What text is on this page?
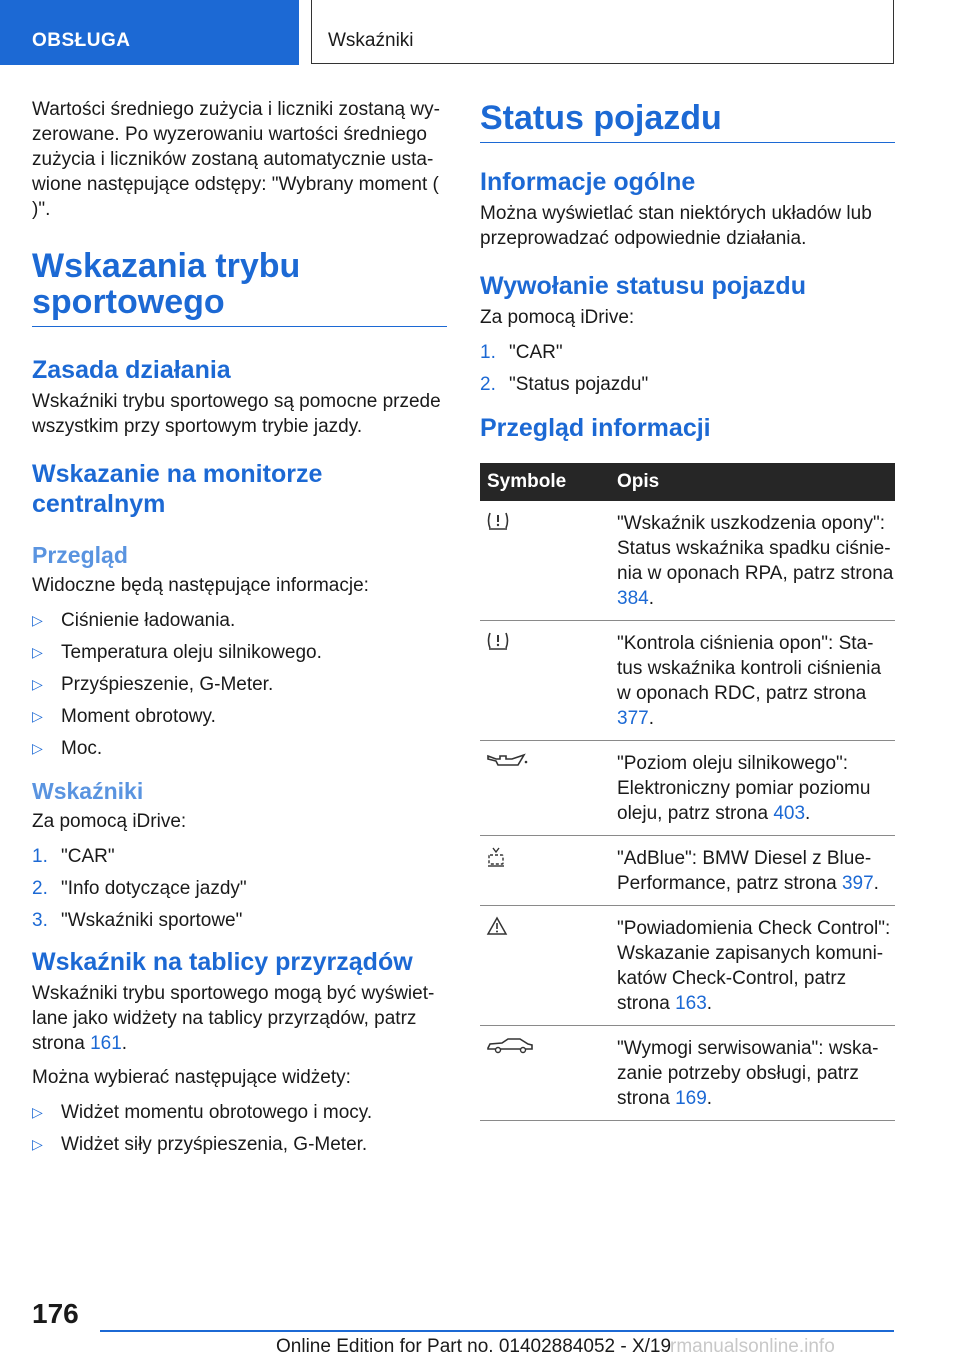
OBSŁUGA	Wskaźniki

Wartości średniego zużycia i liczniki zostaną wy-zerowane. Po wyzerowaniu wartości średniego zużycia i liczników zostaną automatycznie usta-wione następujące odstępy: "Wybrany moment ( )".

Wskazania trybu sportowego
Zasada działania

Wskaźniki trybu sportowego są pomocne przede wszystkim przy sportowym trybie jazdy.

Wskazanie na monitorze centralnym
Przegląd

Widoczne będą następujące informacje:

▷ Ciśnienie ładowania.
▷ Temperatura oleju silnikowego.
▷ Przyśpieszenie, G-Meter.
▷ Moment obrotowy.
▷ Moc.
Wskaźniki

Za pomocą iDrive:

1. "CAR"
2. "Info dotyczące jazdy"
3. "Wskaźniki sportowe"
Wskaźnik na tablicy przyrządów

Wskaźniki trybu sportowego mogą być wyświet-lane jako widżety na tablicy przyrządów, patrz strona 161.

Można wybierać następujące widżety:

▷ Widżet momentu obrotowego i mocy.
▷ Widżet siły przyśpieszenia, G-Meter.
Status pojazdu
Informacje ogólne

Można wyświetlać stan niektórych układów lub przeprowadzać odpowiednie działania.

Wywołanie statusu pojazdu

Za pomocą iDrive:

1. "CAR"
2. "Status pojazdu"
Przegląd informacji
Symbole	Opis
	"Wskaźnik uszkodzenia opony": Status wskaźnika spadku ciśnie-nia w oponach RPA, patrz strona 384.
	"Kontrola ciśnienia opon": Sta-tus wskaźnika kontroli ciśnienia w oponach RDC, patrz strona 377.
	"Poziom oleju silnikowego": Elektroniczny pomiar poziomu oleju, patrz strona 403.
	"AdBlue": BMW Diesel z Blue-Performance, patrz strona 397.
	"Powiadomienia Check Control": Wskazanie zapisanych komuni-katów Check-Control, patrz strona 163.
	"Wymogi serwisowania": wska-zanie potrzeby obsługi, patrz strona 169.
176
Online Edition for Part no. 01402884052 - X/19
rmanualsonline.info
